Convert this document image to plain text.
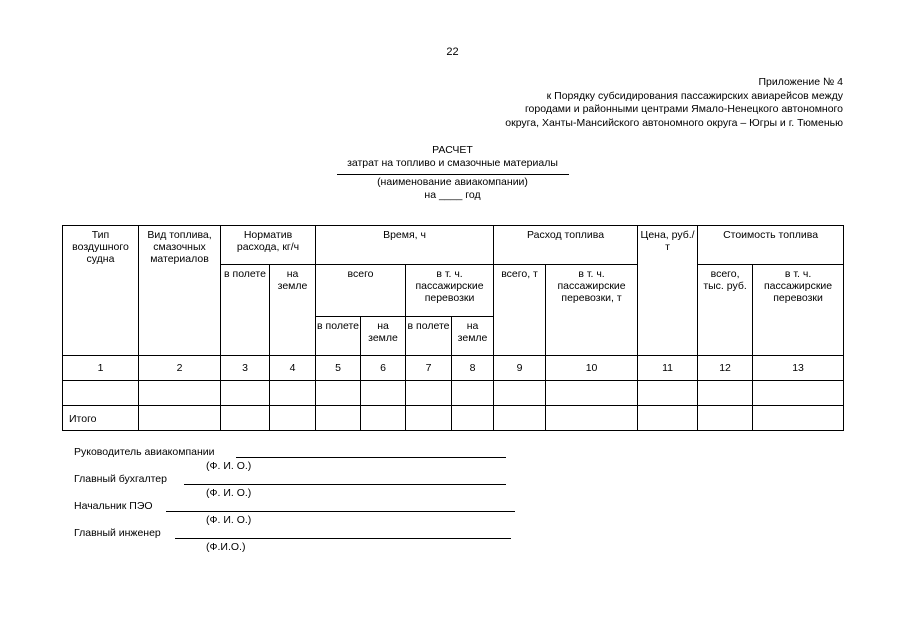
22
Приложение № 4
к Порядку субсидирования пассажирских авиарейсов между
городами и районными центрами Ямало-Ненецкого автономного
округа, Ханты-Мансийского автономного округа – Югры и г. Тюменью
РАСЧЕТ
затрат на топливо и смазочные материалы
(наименование авиакомпании)
на ____ год
Тип воздушного судна	Вид топлива, смазочных материалов	Норматив расхода, кг/ч		Время, ч				Расход топлива		Цена, руб./т	Стоимость топлива	
		в полете	на земле	всего		в т. ч. пассажирские перевозки		всего, т	в т. ч. пассажирские перевозки, т		всего, тыс. руб.	в т. ч. пассажирские перевозки
				в полете	на земле	в полете	на земле					
1	2	3	4	5	6	7	8	9	10	11	12	13

Итого												
Руководитель авиакомпании
(Ф. И. О.)
Главный бухгалтер
(Ф. И. О.)
Начальник ПЭО
(Ф. И. О.)
Главный инженер
(Ф.И.О.)
